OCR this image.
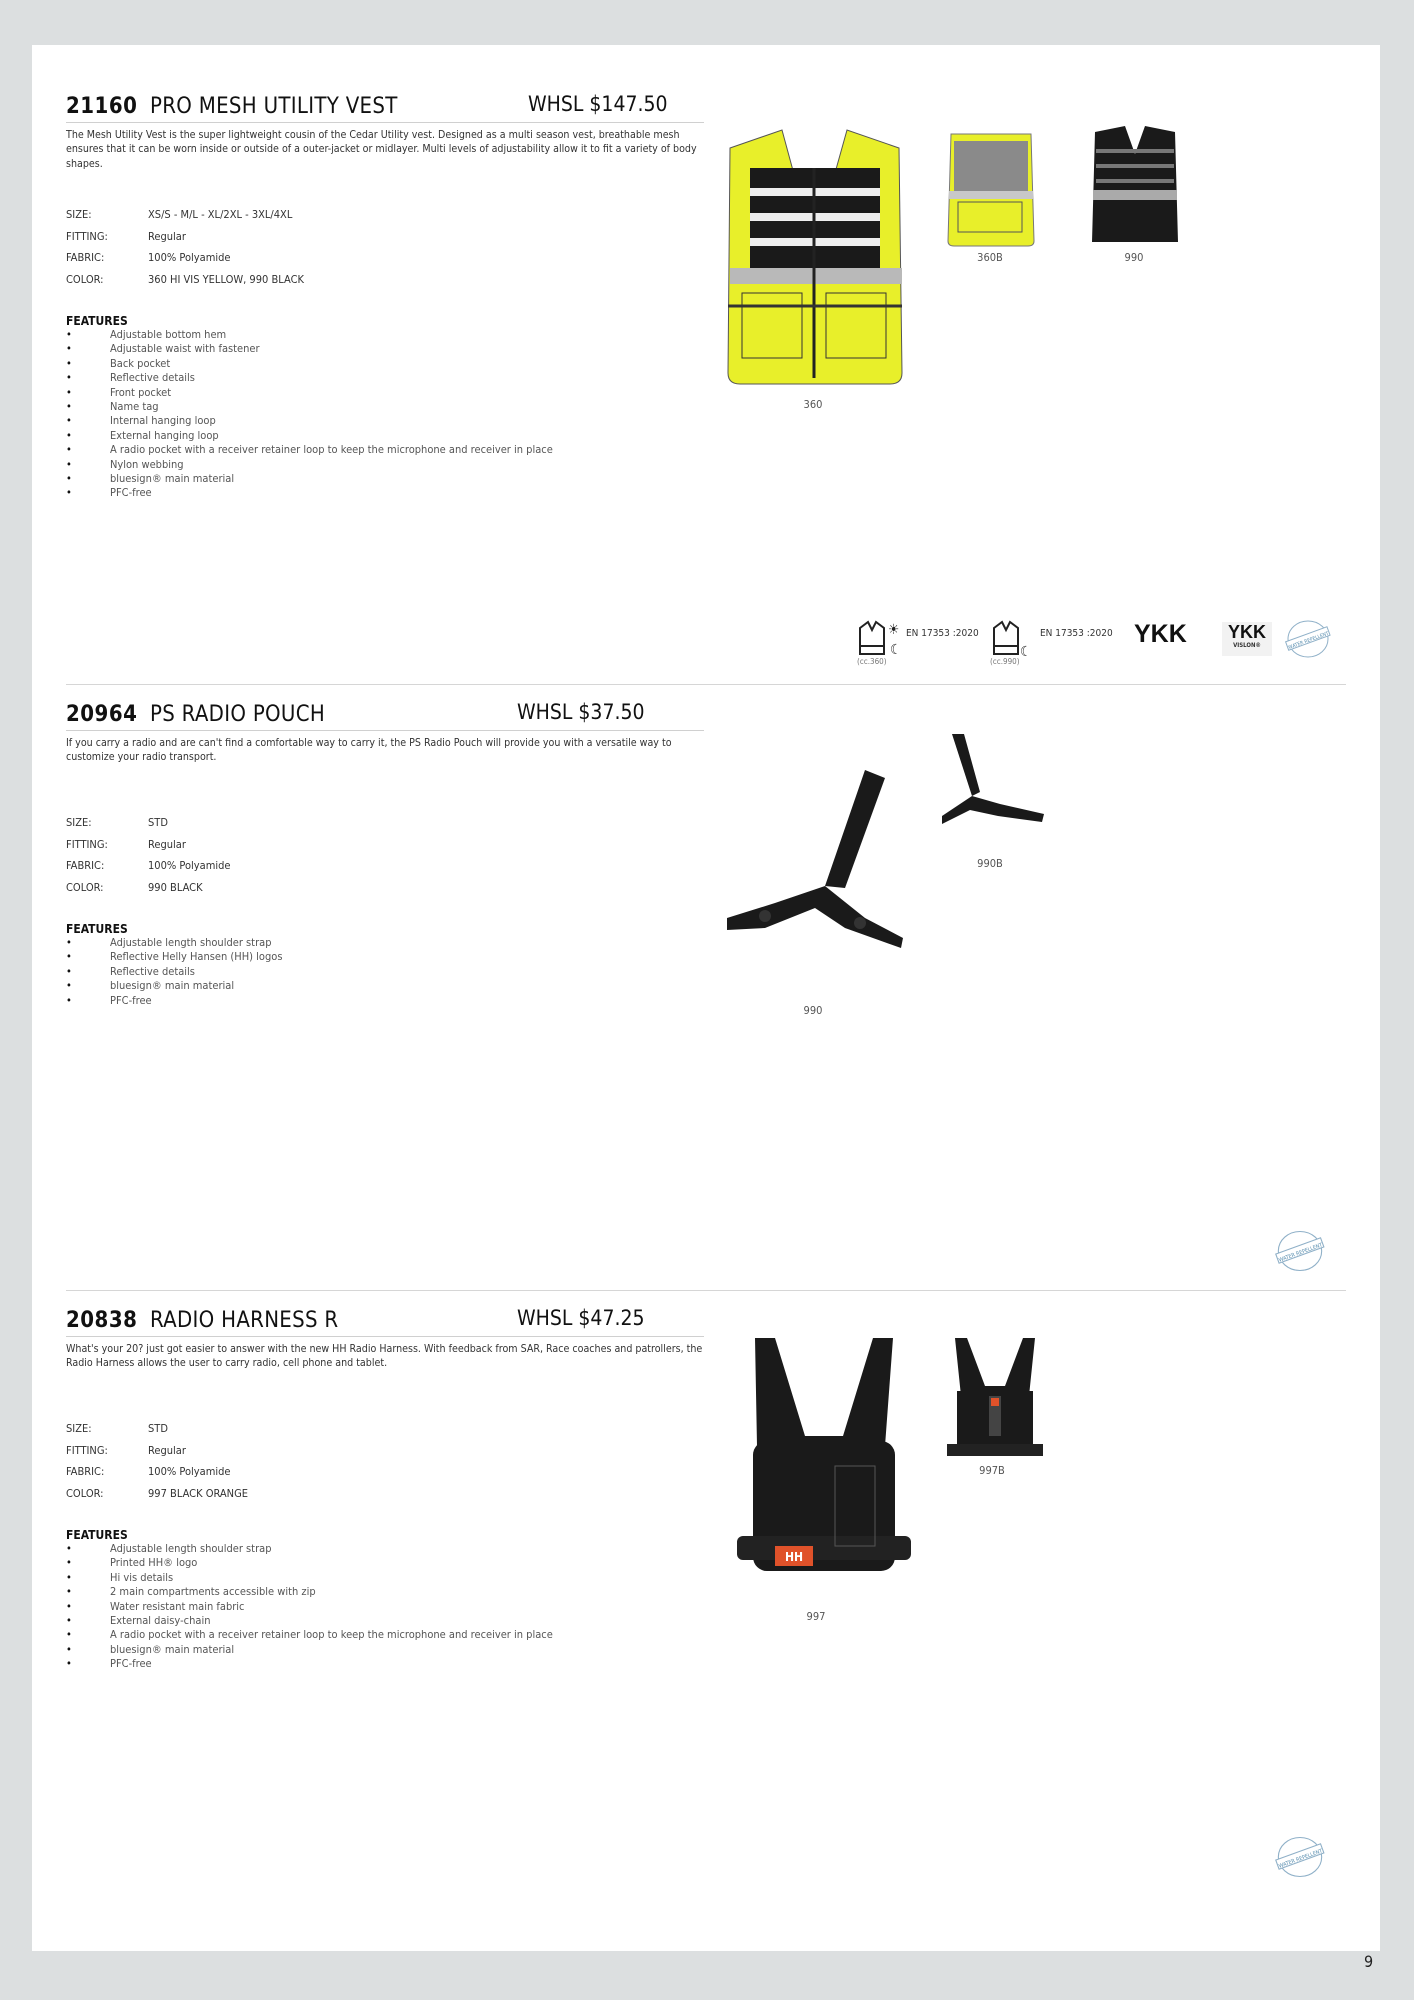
21160 PRO MESH UTILITY VEST	WHSL $147.50
The Mesh Utility Vest is the super lightweight cousin of the Cedar Utility vest. Designed as a multi season vest, breathable mesh ensures that it can be worn inside or outside of a outer-jacket or midlayer. Multi levels of adjustability allow it to fit a variety of body shapes.
SIZE:	XS/S - M/L - XL/2XL - 3XL/4XL
FITTING:	Regular
FABRIC:	100% Polyamide
COLOR:	360 HI VIS YELLOW, 990 BLACK
FEATURES
• Adjustable bottom hem
• Adjustable waist with fastener
• Back pocket
• Reflective details
• Front pocket
• Name tag
• Internal hanging loop
• External hanging loop
• A radio pocket with a receiver retainer loop to keep the microphone and receiver in place
• Nylon webbing
• bluesign® main material
• PFC-free
20964 PS RADIO POUCH	WHSL $37.50
If you carry a radio and are can't find a comfortable way to carry it, the PS Radio Pouch will provide you with a versatile way to customize your radio transport.
SIZE:	STD
FITTING:	Regular
FABRIC:	100% Polyamide
COLOR:	990 BLACK
FEATURES
• Adjustable length shoulder strap
• Reflective Helly Hansen (HH) logos
• Reflective details
• bluesign® main material
• PFC-free
20838 RADIO HARNESS R	WHSL $47.25
What's your 20? just got easier to answer with the new HH Radio Harness. With feedback from SAR, Race coaches and patrollers, the Radio Harness allows the user to carry radio, cell phone and tablet.
SIZE:	STD
FITTING:	Regular
FABRIC:	100% Polyamide
COLOR:	997 BLACK ORANGE
FEATURES
• Adjustable length shoulder strap
• Printed HH® logo
• Hi vis details
• 2 main compartments accessible with zip
• Water resistant main fabric
• External daisy-chain
• A radio pocket with a receiver retainer loop to keep the microphone and receiver in place
• bluesign® main material
• PFC-free
360
360B	990
☀
☾
EN 17353 :2020
(cc.360)
☾
EN 17353 :2020
(cc.990)
YKK	YKK
VISLON®	WATER REPELLENT
990
990B
WATER REPELLENT
HH
997
997B
WATER REPELLENT
9
